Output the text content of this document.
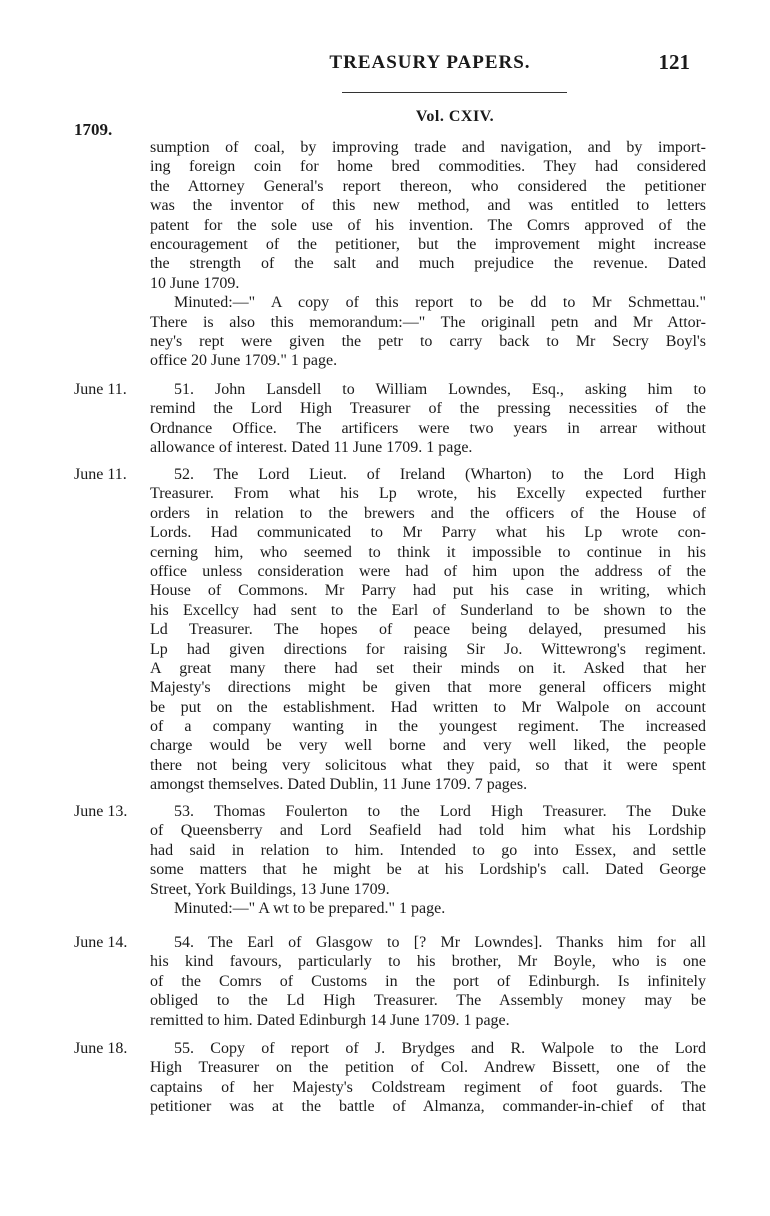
TREASURY PAPERS.	121
Vol. CXIV.
1709.

sumption of coal, by improving trade and navigation, and by import-

ing foreign coin for home bred commodities. They had considered

the Attorney General's report thereon, who considered the petitioner

was the inventor of this new method, and was entitled to letters

patent for the sole use of his invention. The Comrs approved of the

encouragement of the petitioner, but the improvement might increase

the strength of the salt and much prejudice the revenue. Dated

10 June 1709.

Minuted:—" A copy of this report to be dd to Mr Schmettau."

There is also this memorandum:—" The originall petn and Mr Attor-

ney's rept were given the petr to carry back to Mr Secry Boyl's

office 20 June 1709." 1 page.

June 11.	51. John Lansdell to William Lowndes, Esq., asking him to

remind the Lord High Treasurer of the pressing necessities of the

Ordnance Office. The artificers were two years in arrear without

allowance of interest. Dated 11 June 1709. 1 page.

June 11.	52. The Lord Lieut. of Ireland (Wharton) to the Lord High

Treasurer. From what his Lp wrote, his Excelly expected further

orders in relation to the brewers and the officers of the House of

Lords. Had communicated to Mr Parry what his Lp wrote con-

cerning him, who seemed to think it impossible to continue in his

office unless consideration were had of him upon the address of the

House of Commons. Mr Parry had put his case in writing, which

his Excellcy had sent to the Earl of Sunderland to be shown to the

Ld Treasurer. The hopes of peace being delayed, presumed his

Lp had given directions for raising Sir Jo. Wittewrong's regiment.

A great many there had set their minds on it. Asked that her

Majesty's directions might be given that more general officers might

be put on the establishment. Had written to Mr Walpole on account

of a company wanting in the youngest regiment. The increased

charge would be very well borne and very well liked, the people

there not being very solicitous what they paid, so that it were spent

amongst themselves. Dated Dublin, 11 June 1709. 7 pages.

June 13.	53. Thomas Foulerton to the Lord High Treasurer. The Duke

of Queensberry and Lord Seafield had told him what his Lordship

had said in relation to him. Intended to go into Essex, and settle

some matters that he might be at his Lordship's call. Dated George

Street, York Buildings, 13 June 1709.

Minuted:—" A wt to be prepared." 1 page.

June 14.	54. The Earl of Glasgow to [? Mr Lowndes]. Thanks him for all

his kind favours, particularly to his brother, Mr Boyle, who is one

of the Comrs of Customs in the port of Edinburgh. Is infinitely

obliged to the Ld High Treasurer. The Assembly money may be

remitted to him. Dated Edinburgh 14 June 1709. 1 page.

June 18.	55. Copy of report of J. Brydges and R. Walpole to the Lord

High Treasurer on the petition of Col. Andrew Bissett, one of the

captains of her Majesty's Coldstream regiment of foot guards. The

petitioner was at the battle of Almanza, commander-in-chief of that
